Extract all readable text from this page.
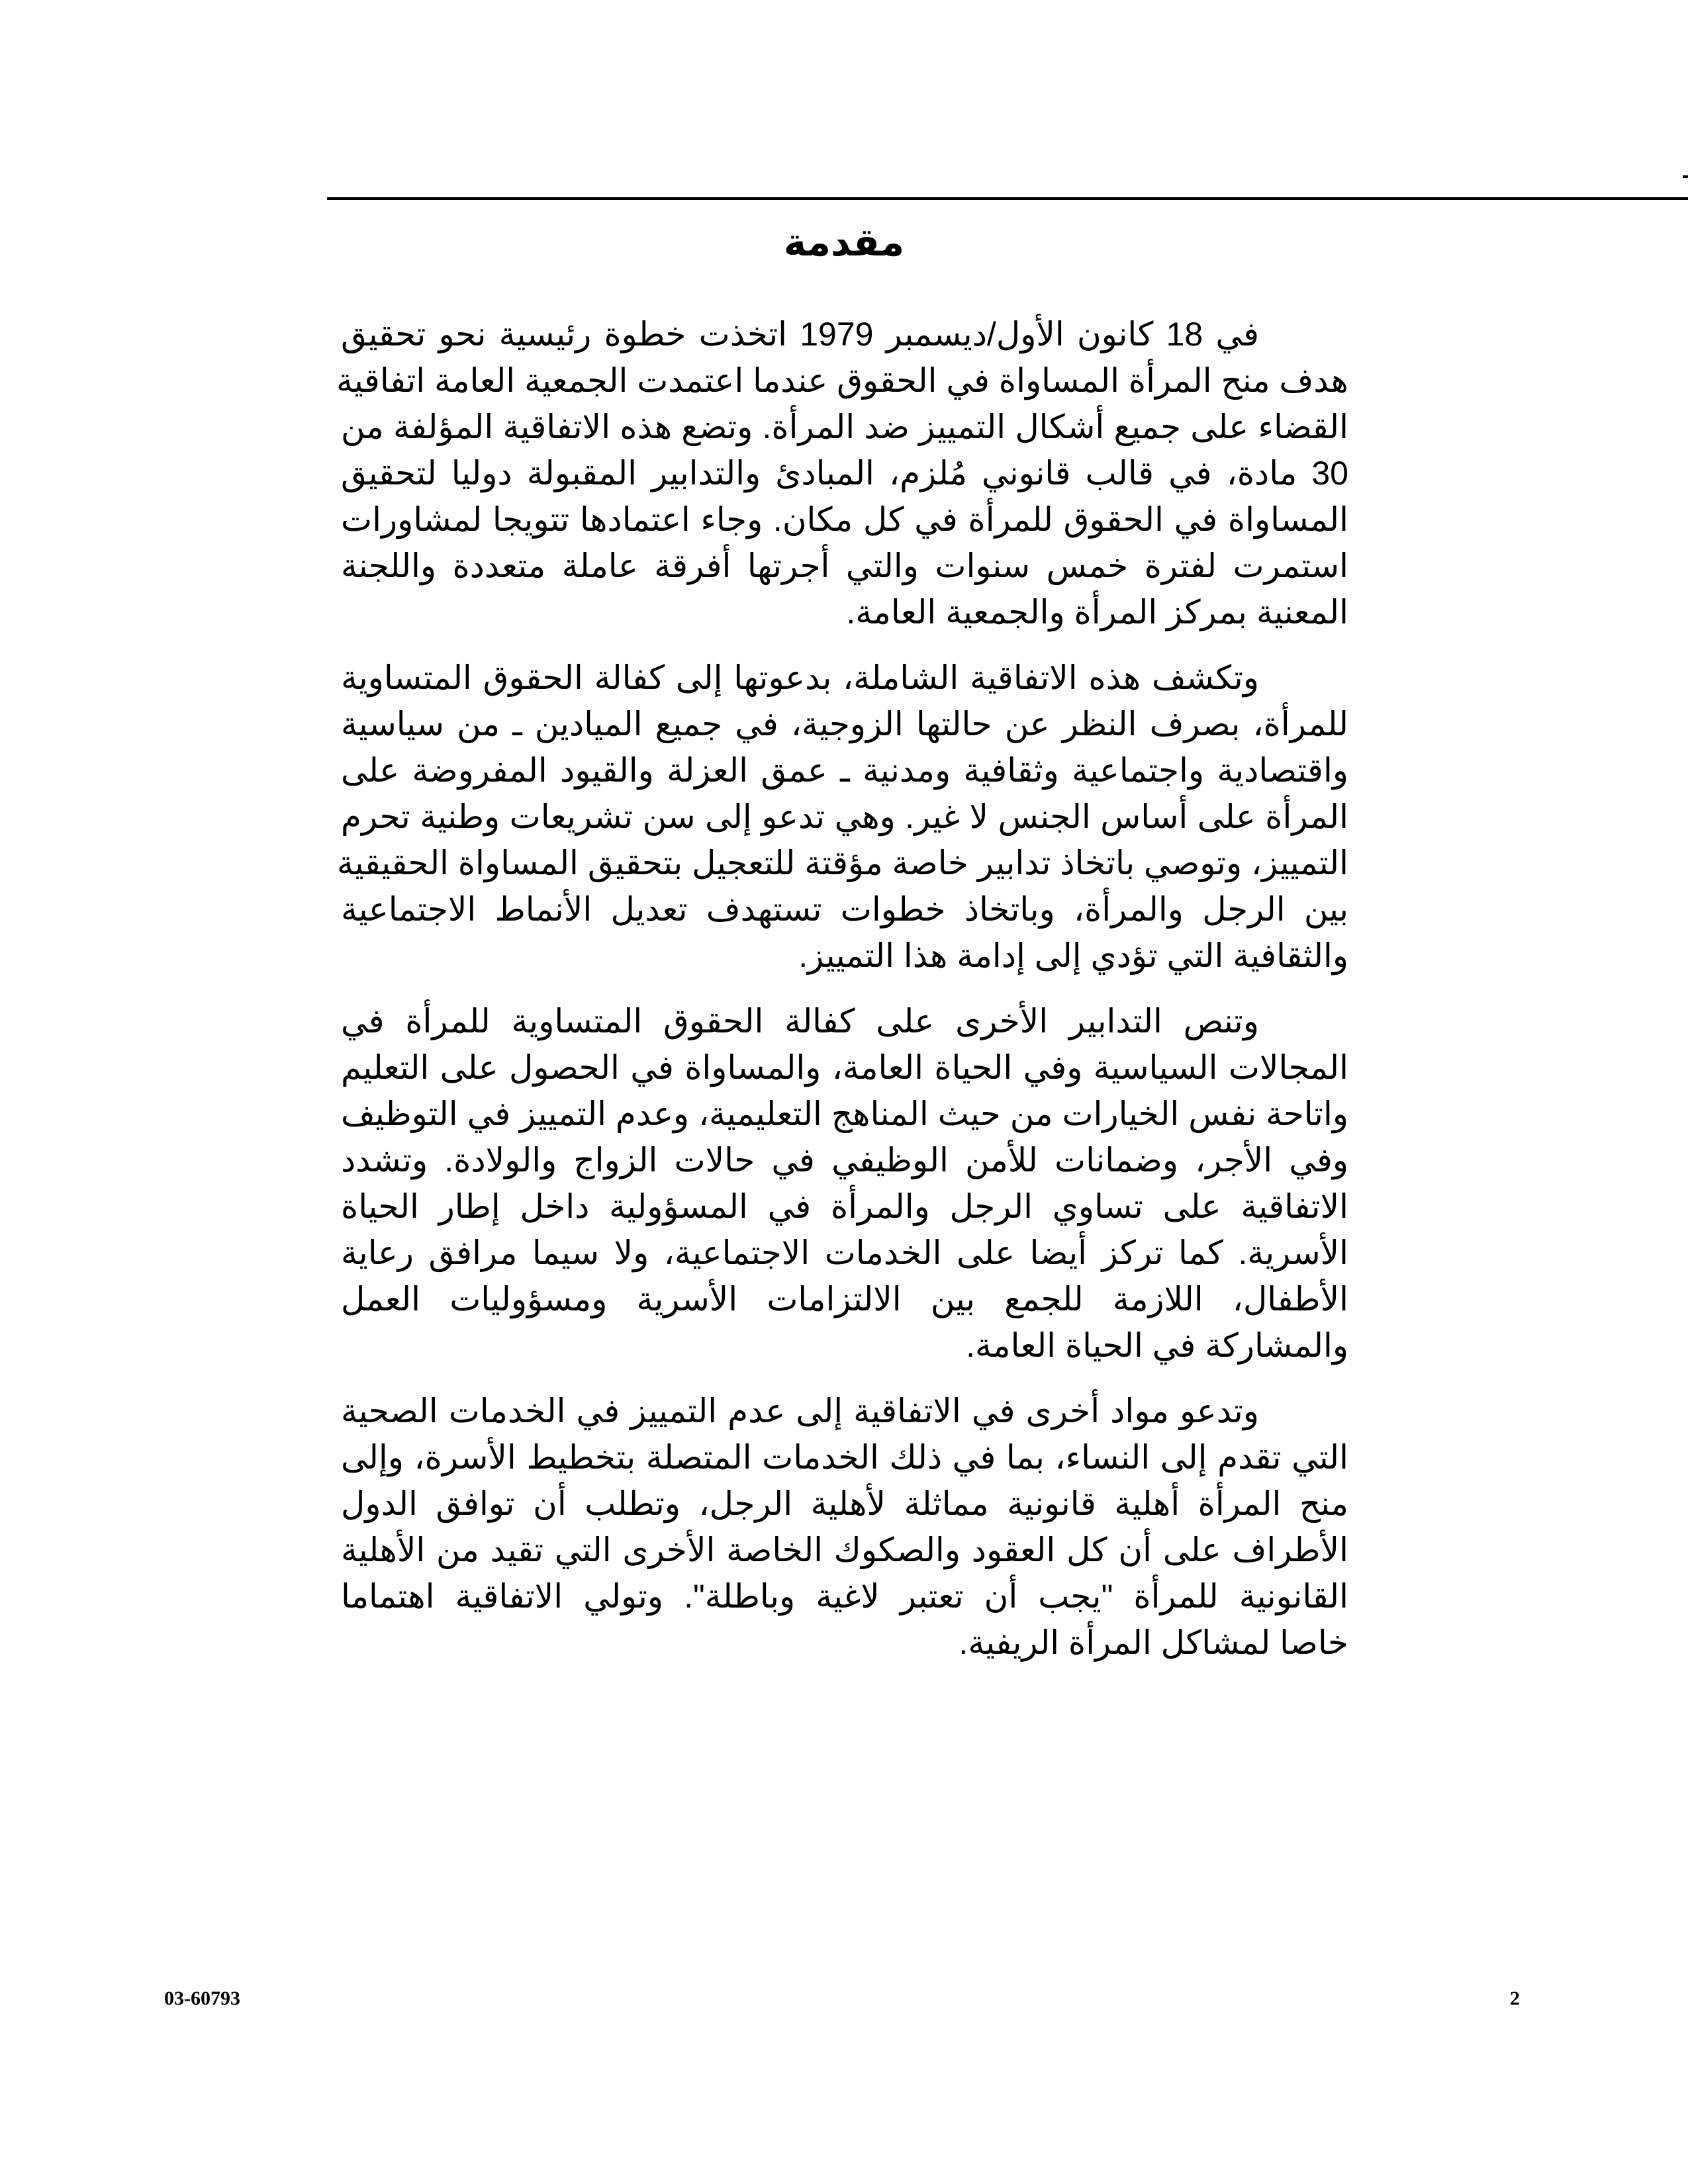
مقدمة
في 18 كانون الأول/ديسمبر 1979 اتخذت خطوة رئيسية نحو تحقيق
هدف منح المرأة المساواة في الحقوق عندما اعتمدت الجمعية العامة اتفاقية
القضاء على جميع أشكال التمييز ضد المرأة. وتضع هذه الاتفاقية المؤلفة من
30 مادة، في قالب قانوني مُلزم، المبادئ والتدابير المقبولة دوليا لتحقيق
المساواة في الحقوق للمرأة في كل مكان. وجاء اعتمادها تتويجا لمشاورات
استمرت لفترة خمس سنوات والتي أجرتها أفرقة عاملة متعددة واللجنة
المعنية بمركز المرأة والجمعية العامة.
وتكشف هذه الاتفاقية الشاملة، بدعوتها إلى كفالة الحقوق المتساوية
للمرأة، بصرف النظر عن حالتها الزوجية، في جميع الميادين ـ من سياسية
واقتصادية واجتماعية وثقافية ومدنية ـ عمق العزلة والقيود المفروضة على
المرأة على أساس الجنس لا غير. وهي تدعو إلى سن تشريعات وطنية تحرم
التمييز، وتوصي باتخاذ تدابير خاصة مؤقتة للتعجيل بتحقيق المساواة الحقيقية
بين الرجل والمرأة، وباتخاذ خطوات تستهدف تعديل الأنماط الاجتماعية
والثقافية التي تؤدي إلى إدامة هذا التمييز.
وتنص التدابير الأخرى على كفالة الحقوق المتساوية للمرأة في
المجالات السياسية وفي الحياة العامة، والمساواة في الحصول على التعليم
واتاحة نفس الخيارات من حيث المناهج التعليمية، وعدم التمييز في التوظيف
وفي الأجر، وضمانات للأمن الوظيفي في حالات الزواج والولادة. وتشدد
الاتفاقية على تساوي الرجل والمرأة في المسؤولية داخل إطار الحياة
الأسرية. كما تركز أيضا على الخدمات الاجتماعية، ولا سيما مرافق رعاية
الأطفال، اللازمة للجمع بين الالتزامات الأسرية ومسؤوليات العمل
والمشاركة في الحياة العامة.
وتدعو مواد أخرى في الاتفاقية إلى عدم التمييز في الخدمات الصحية
التي تقدم إلى النساء، بما في ذلك الخدمات المتصلة بتخطيط الأسرة، وإلى
منح المرأة أهلية قانونية مماثلة لأهلية الرجل، وتطلب أن توافق الدول
الأطراف على أن كل العقود والصكوك الخاصة الأخرى التي تقيد من الأهلية
القانونية للمرأة "يجب أن تعتبر لاغية وباطلة". وتولي الاتفاقية اهتماما
خاصا لمشاكل المرأة الريفية.
03-60793	2
